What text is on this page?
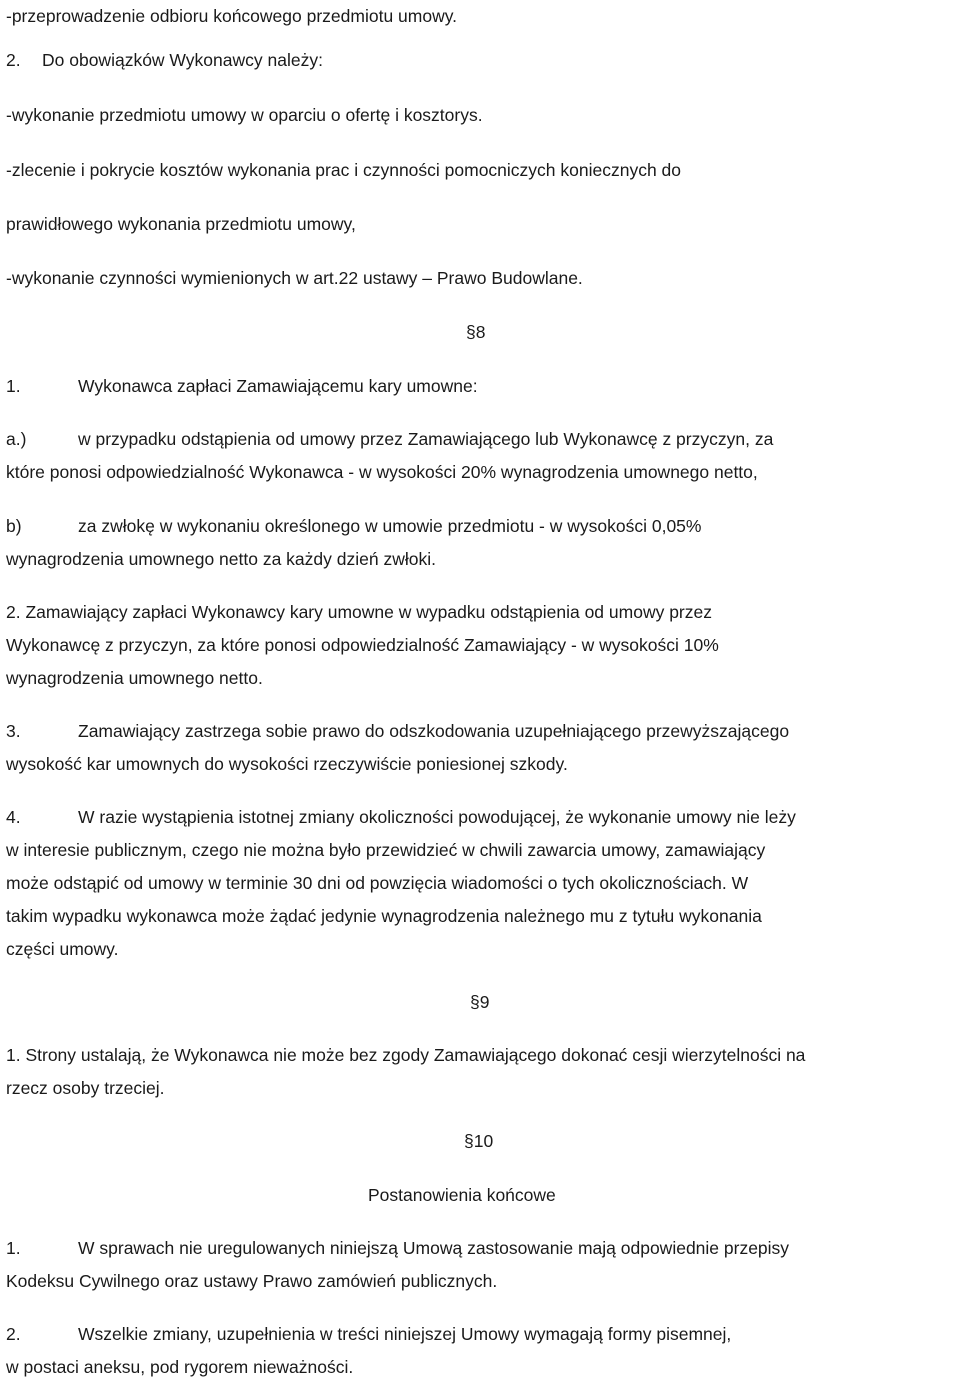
-przeprowadzenie odbioru końcowego przedmiotu umowy.
2. Do obowiązków Wykonawcy należy:
-wykonanie przedmiotu umowy w oparciu o ofertę i kosztorys.
-zlecenie i pokrycie kosztów wykonania prac i czynności pomocniczych koniecznych do
prawidłowego wykonania przedmiotu umowy,
-wykonanie czynności wymienionych w art.22 ustawy – Prawo Budowlane.
§8
1.	Wykonawca zapłaci Zamawiającemu kary umowne:
a.)	w przypadku odstąpienia od umowy przez Zamawiającego lub Wykonawcę z przyczyn, za
które ponosi odpowiedzialność Wykonawca - w wysokości 20% wynagrodzenia umownego netto,
b)	za zwłokę w wykonaniu określonego w umowie przedmiotu - w wysokości 0,05%
wynagrodzenia umownego netto za każdy dzień zwłoki.
2. Zamawiający zapłaci Wykonawcy kary umowne w wypadku odstąpienia od umowy przez
Wykonawcę z przyczyn, za które ponosi odpowiedzialność Zamawiający - w wysokości 10%
wynagrodzenia umownego netto.
3.	Zamawiający zastrzega sobie prawo do odszkodowania uzupełniającego przewyższającego
wysokość kar umownych do wysokości rzeczywiście poniesionej szkody.
4.	W razie wystąpienia istotnej zmiany okoliczności powodującej, że wykonanie umowy nie leży
w interesie publicznym, czego nie można było przewidzieć w chwili zawarcia umowy, zamawiający
może odstąpić od umowy w terminie 30 dni od powzięcia wiadomości o tych okolicznościach. W
takim wypadku wykonawca może żądać jedynie wynagrodzenia należnego mu z tytułu wykonania
części umowy.
§9
1. Strony ustalają, że Wykonawca nie może bez zgody Zamawiającego dokonać cesji wierzytelności na
rzecz osoby trzeciej.
§10
Postanowienia końcowe
1.	W sprawach nie uregulowanych niniejszą Umową zastosowanie mają odpowiednie przepisy
Kodeksu Cywilnego oraz ustawy Prawo zamówień publicznych.
2.	Wszelkie zmiany, uzupełnienia w treści niniejszej Umowy wymagają formy pisemnej,
w postaci aneksu, pod rygorem nieważności.
